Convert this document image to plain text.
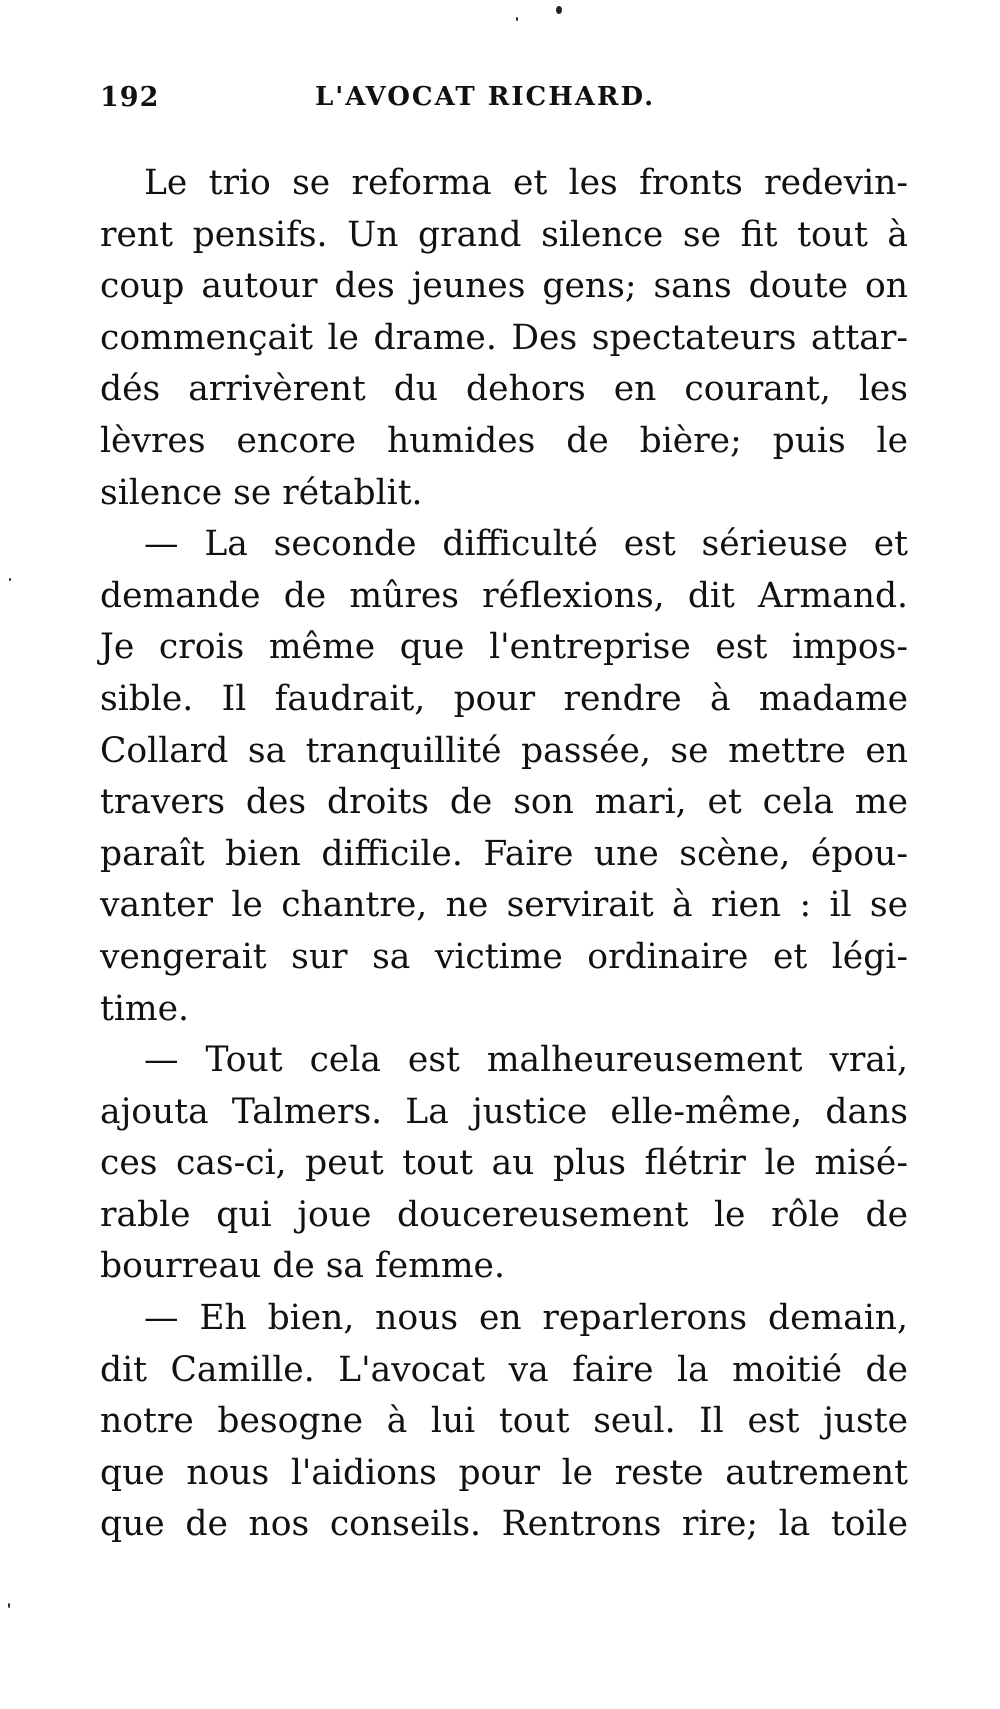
192	L'AVOCAT RICHARD.
Le trio se reforma et les fronts redevin-
rent pensifs. Un grand silence se fit tout à
coup autour des jeunes gens; sans doute on
commençait le drame. Des spectateurs attar-
dés arrivèrent du dehors en courant, les
lèvres encore humides de bière; puis le
silence se rétablit.
— La seconde difficulté est sérieuse et
demande de mûres réflexions, dit Armand.
Je crois même que l'entreprise est impos-
sible. Il faudrait, pour rendre à madame
Collard sa tranquillité passée, se mettre en
travers des droits de son mari, et cela me
paraît bien difficile. Faire une scène, épou-
vanter le chantre, ne servirait à rien : il se
vengerait sur sa victime ordinaire et légi-
time.
— Tout cela est malheureusement vrai,
ajouta Talmers. La justice elle-même, dans
ces cas-ci, peut tout au plus flétrir le misé-
rable qui joue doucereusement le rôle de
bourreau de sa femme.
— Eh bien, nous en reparlerons demain,
dit Camille. L'avocat va faire la moitié de
notre besogne à lui tout seul. Il est juste
que nous l'aidions pour le reste autrement
que de nos conseils. Rentrons rire; la toile
